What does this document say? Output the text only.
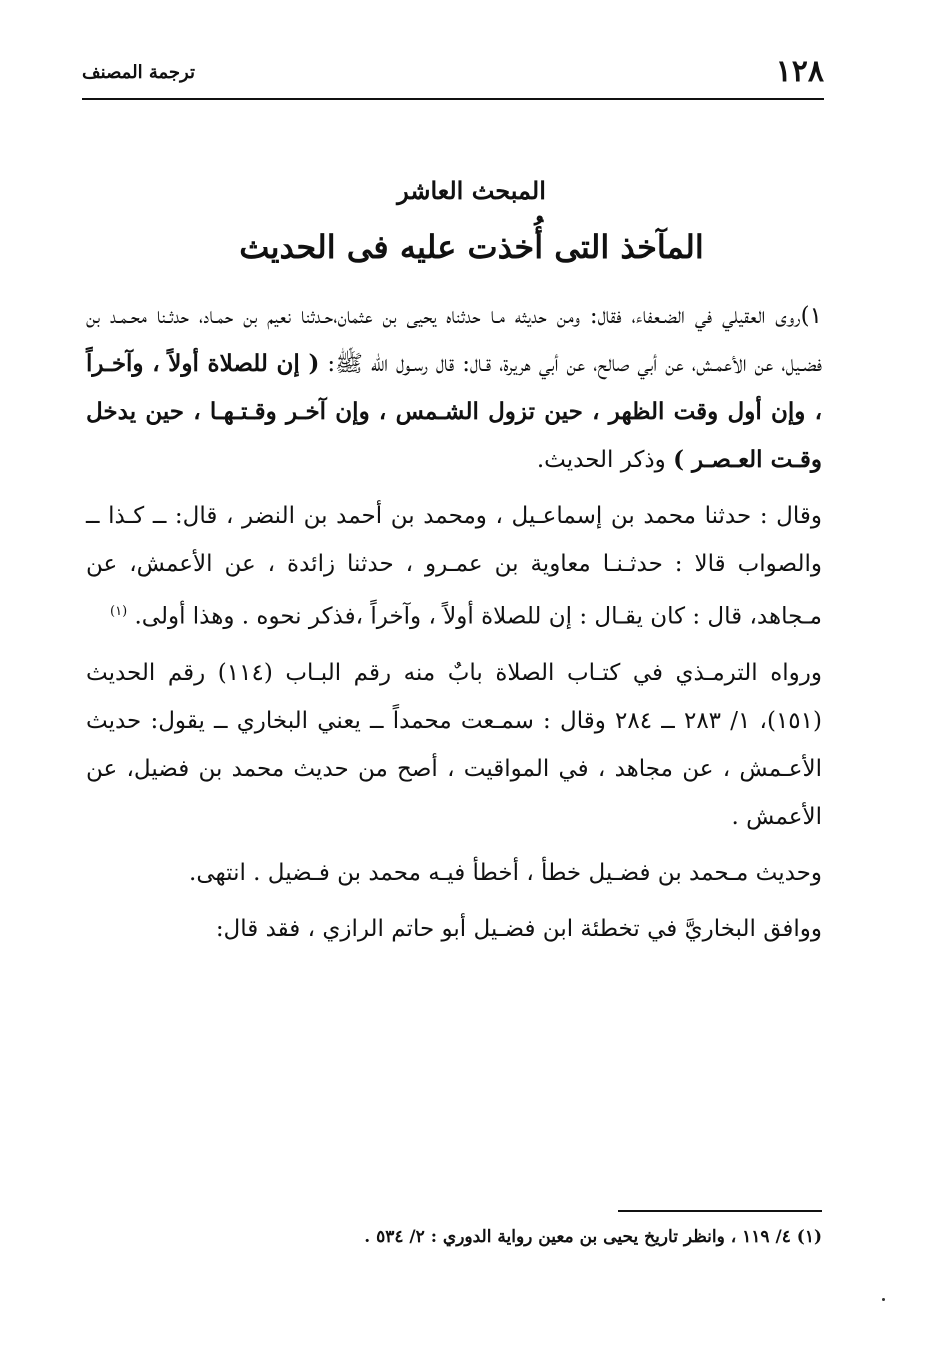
١٢٨
ترجمة المصنف
المبحث العاشر
المآخذ التى أُخذت عليه فى الحديث

١)روى العقيلي في الضـعفاء، فقال: ومن حديثه مـا حدثناه يحيى بن عثمان،حـدثنا نعيم بن حمـاد، حدثـنا محـمـد بن فضـيل، عن الأعمـش، عن أبي صالح، عن أبي هريرة، قـال: قال رسـول الله ﷺ: ( إن للصلاة أولاً ، وآخـراً ، وإن أول وقت الظهر ، حين تزول الشـمس ، وإن آخـر وقـتـهـا ، حين يدخل وقـت العـصـر ) وذكر الحديث.

وقال : حدثنا محمد بن إسماعـيل ، ومحمد بن أحمد بن النضر ، قال: ــ كـذا ــ والصواب قالا : حدثـنـا معاوية بن عمـرو ، حدثنا زائدة ، عن الأعمش، عن مـجاهد، قال : كان يقـال : إن للصلاة أولاً ، وآخراً ،فذكر نحوه . وهذا أولى. $^{(١)}$

ورواه الترمـذي في كتـاب الصلاة بابٌ منه رقم البـاب (١١٤) رقم الحديث (١٥١)، ١/ ٢٨٣ ــ ٢٨٤ وقال : سمـعت محمداً ــ يعني البخاري ــ يقول: حديث الأعـمش ، عن مجاهد ، في المواقيت ، أصح من حديث محمد بن فضيل، عن الأعمش .

وحديث مـحمد بن فضـيل خطأ ، أخطأ فيـه محمد بن فـضيل . انتهى.

ووافق البخاريَّ في تخطئة ابن فضـيل أبو حاتم الرازي ، فقد قال:

(١) ٤/ ١١٩ ، وانظر تاريخ يحيى بن معين رواية الدوري : ٢/ ٥٣٤ .
